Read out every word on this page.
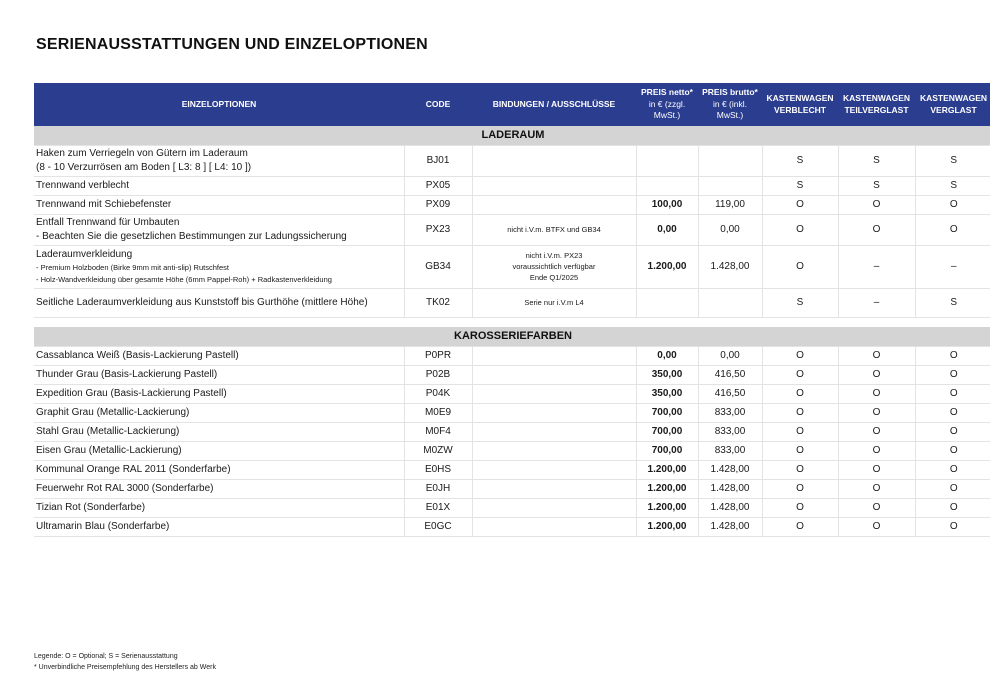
SERIENAUSSTATTUNGEN UND EINZELOPTIONEN
EINZELOPTIONEN	CODE	BINDUNGEN / AUSSCHLÜSSE	PREIS netto*
in € (zzgl.
MwSt.)	PREIS brutto*
in € (inkl.
MwSt.)	KASTENWAGEN
VERBLECHT	KASTENWAGEN
TEILVERGLAST	KASTENWAGEN
VERGLAST

LADERAUM							

Haken zum Verriegeln von Gütern im Laderaum
(8 - 10 Verzurrösen am Boden [ L3: 8 ] [ L4: 10 ])	BJ01				S	S	S
Trennwand verblecht	PX05				S	S	S
Trennwand mit Schiebefenster	PX09		100,00	119,00	O	O	O

Entfall Trennwand für Umbauten
- Beachten Sie die gesetzlichen Bestimmungen zur Ladungssicherung	PX23	nicht i.V.m. BTFX und GB34	0,00	0,00	O	O	O

Laderaumverkleidung
- Premium Holzboden (Birke 9mm mit anti-slip) Rutschfest
- Holz-Wandverkleidung über gesamte Höhe (6mm Pappel-Roh) + Radkastenverkleidung	GB34	nicht i.V.m. PX23
voraussichtlich verfügbar
Ende Q1/2025	1.200,00	1.428,00	O	–	–
Seitliche Laderaumverkleidung aus Kunststoff bis Gurthöhe (mittlere Höhe)	TK02	Serie nur i.V.m L4			S	–	S

KAROSSERIEFARBEN							
Cassablanca Weiß (Basis-Lackierung Pastell)	P0PR		0,00	0,00	O	O	O
Thunder Grau (Basis-Lackierung Pastell)	P02B		350,00	416,50	O	O	O
Expedition Grau (Basis-Lackierung Pastell)	P04K		350,00	416,50	O	O	O
Graphit Grau (Metallic-Lackierung)	M0E9		700,00	833,00	O	O	O
Stahl Grau (Metallic-Lackierung)	M0F4		700,00	833,00	O	O	O
Eisen Grau (Metallic-Lackierung)	M0ZW		700,00	833,00	O	O	O
Kommunal Orange RAL 2011 (Sonderfarbe)	E0HS		1.200,00	1.428,00	O	O	O
Feuerwehr Rot RAL 3000 (Sonderfarbe)	E0JH		1.200,00	1.428,00	O	O	O
Tizian Rot (Sonderfarbe)	E01X		1.200,00	1.428,00	O	O	O
Ultramarin Blau (Sonderfarbe)	E0GC		1.200,00	1.428,00	O	O	O
Legende: O = Optional; S = Serienausstattung
* Unverbindliche Preisempfehlung des Herstellers ab Werk
